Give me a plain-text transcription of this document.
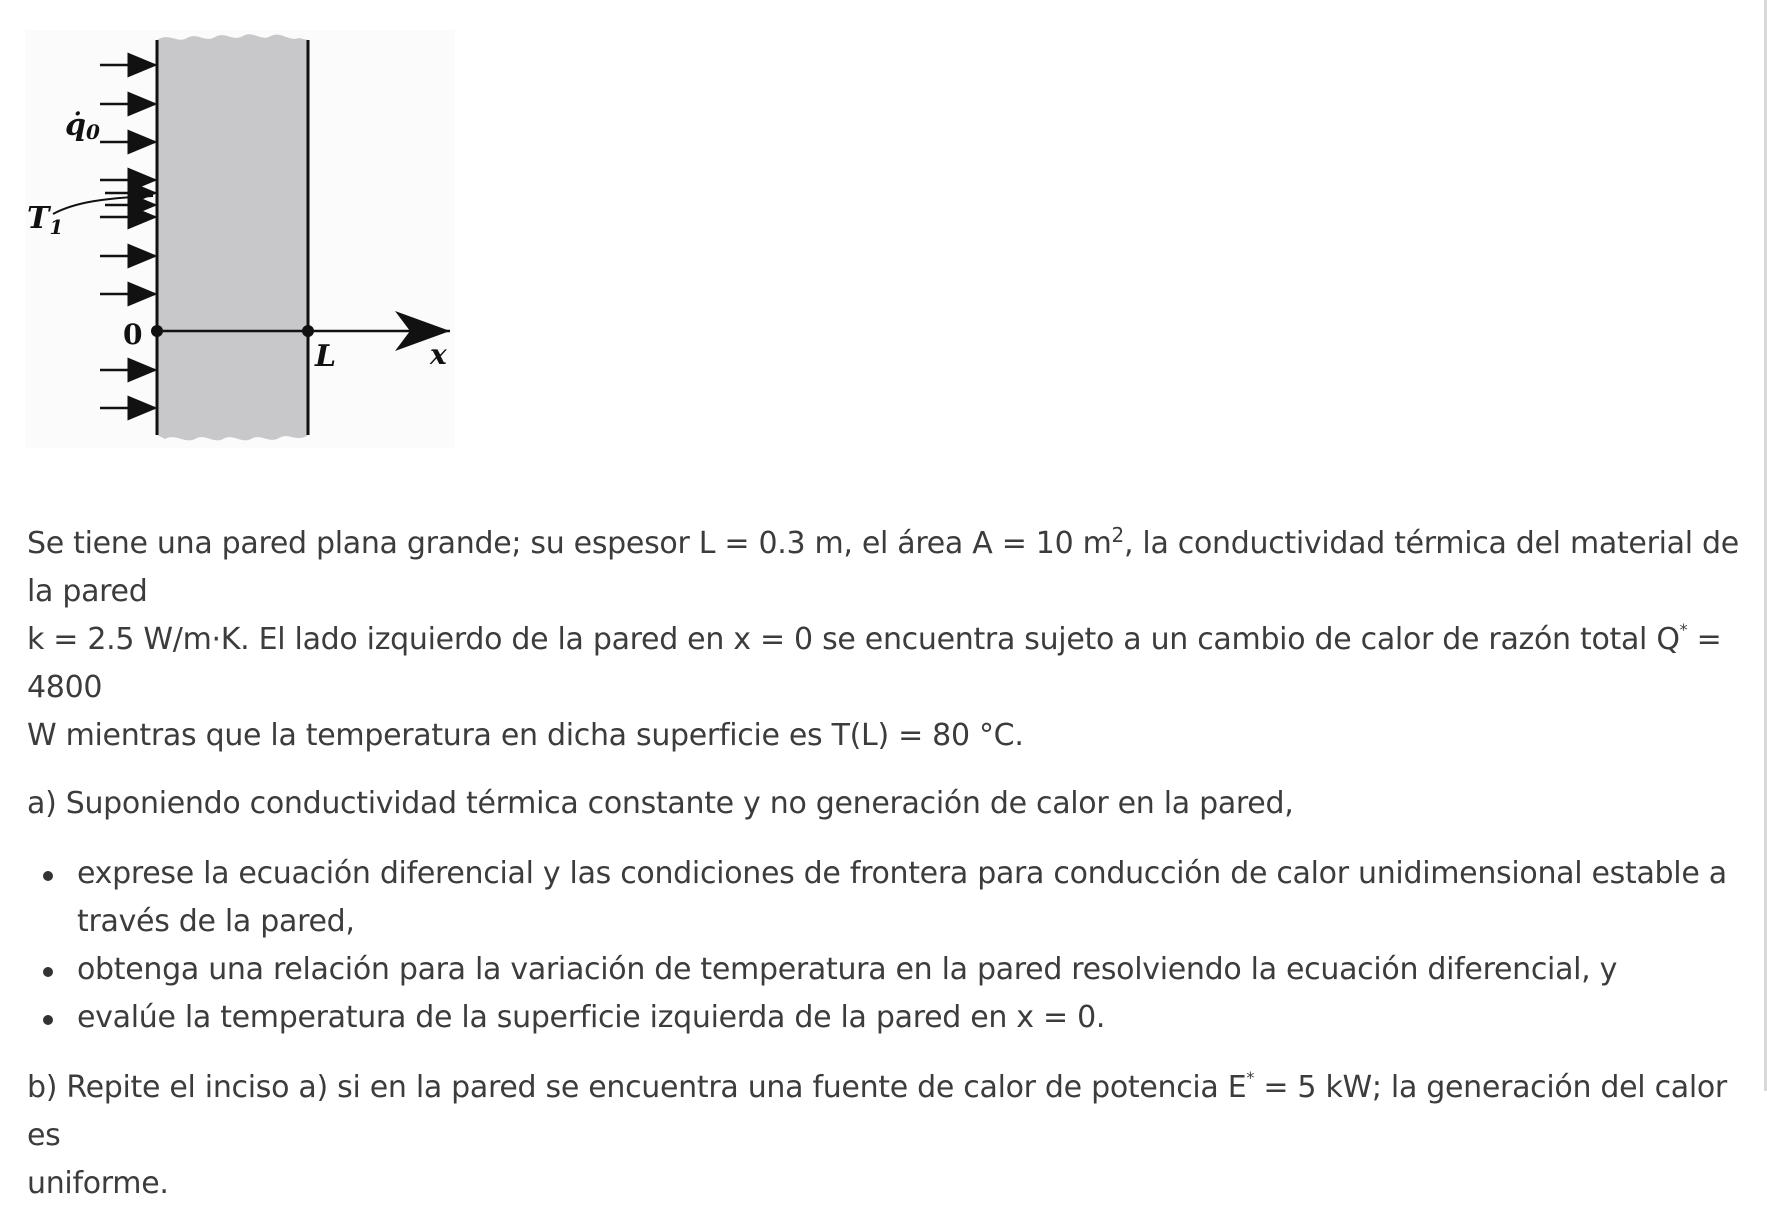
q̇0
$T_1$
0
L	x

Se tiene una pared plana grande; su espesor L = 0.3 m, el área A = 10 $m^2$, la conductividad térmica del material de la pared
k = 2.5 W/m·K. El lado izquierdo de la pared en x = 0 se encuentra sujeto a un cambio de calor de razón total Q* = 4800
W mientras que la temperatura en dicha superficie es T(L) = 80 °C.

a) Suponiendo conductividad térmica constante y no generación de calor en la pared,

exprese la ecuación diferencial y las condiciones de frontera para conducción de calor unidimensional estable a través de la pared,
obtenga una relación para la variación de temperatura en la pared resolviendo la ecuación diferencial, y
evalúe la temperatura de la superficie izquierda de la pared en x = 0.

b) Repite el inciso a) si en la pared se encuentra una fuente de calor de potencia E* = 5 kW; la generación del calor es
uniforme.
